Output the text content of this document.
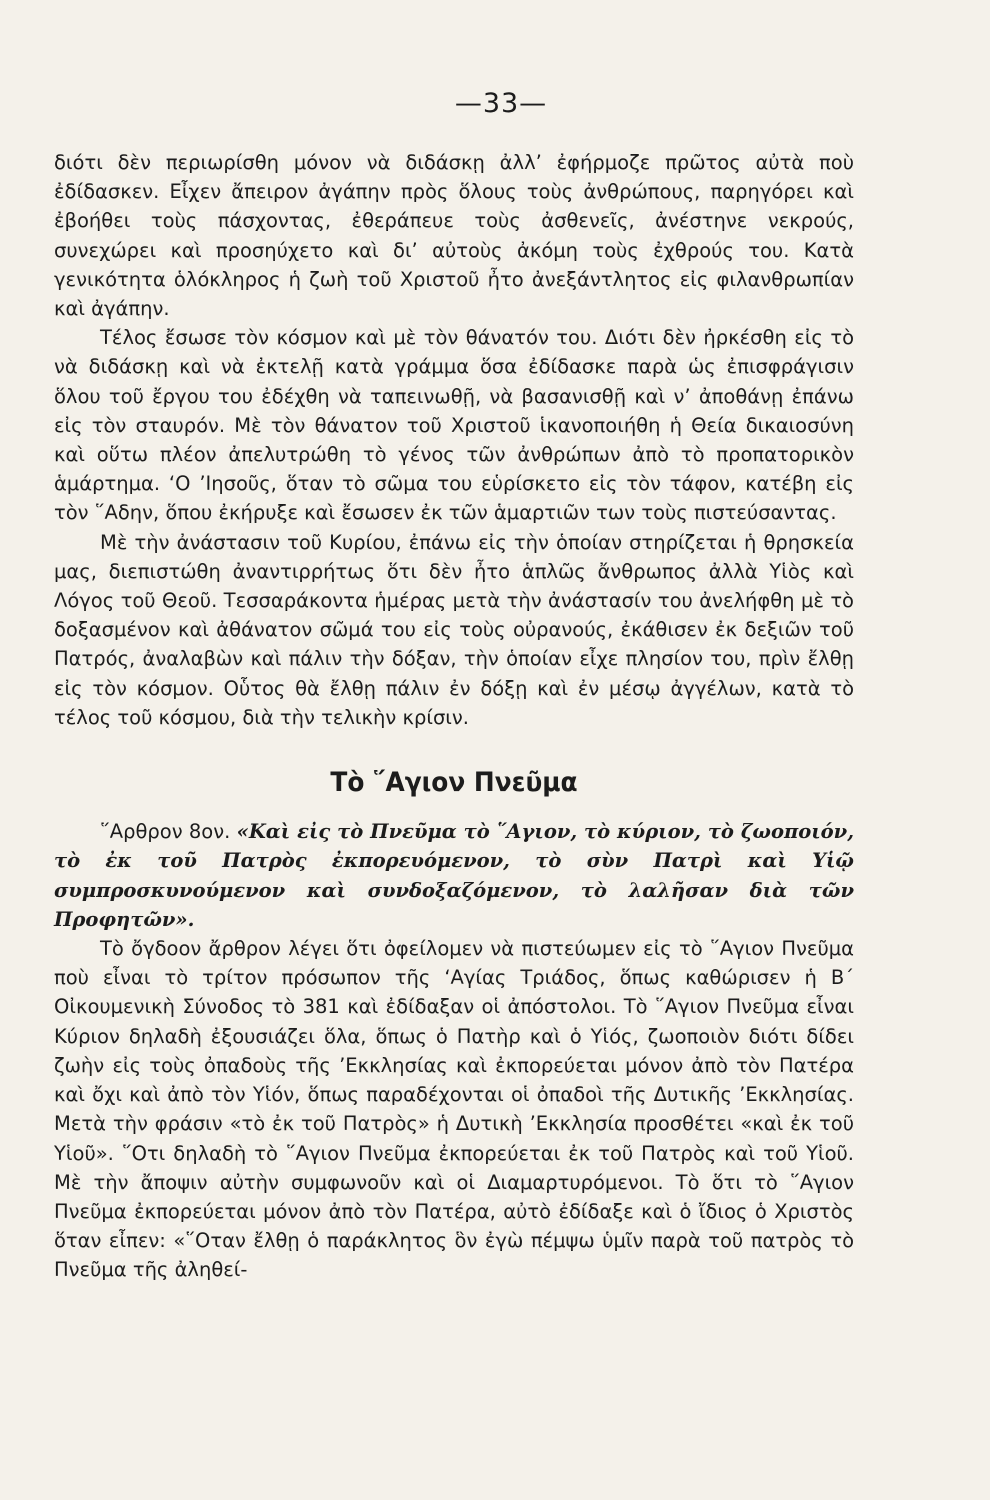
—33—

διότι δὲν περιωρίσθη μόνον νὰ διδάσκῃ ἀλλ’ ἐφήρμοζε πρῶτος αὐτὰ ποὺ ἐδίδασκεν. Εἶχεν ἄπειρον ἀγάπην πρὸς ὅλους τοὺς ἀνθρώπους, παρηγόρει καὶ ἐβοήθει τοὺς πάσχοντας, ἐθεράπευε τοὺς ἀσθενεῖς, ἀνέστηνε νεκρούς, συνεχώρει καὶ προσηύχετο καὶ δι’ αὐτοὺς ἀκόμη τοὺς ἐχθρούς του. Κατὰ γενικότητα ὁλόκληρος ἡ ζωὴ τοῦ Χριστοῦ ἦτο ἀνεξάντλητος εἰς φιλανθρωπίαν καὶ ἀγάπην.

Τέλος ἔσωσε τὸν κόσμον καὶ μὲ τὸν θάνατόν του. Διότι δὲν ἠρκέσθη εἰς τὸ νὰ διδάσκῃ καὶ νὰ ἐκτελῇ κατὰ γράμμα ὅσα ἐδίδασκε παρὰ ὡς ἐπισφράγισιν ὅλου τοῦ ἔργου του ἐδέχθη νὰ ταπεινωθῇ, νὰ βασανισθῇ καὶ ν’ ἀποθάνῃ ἐπάνω εἰς τὸν σταυρόν. Μὲ τὸν θάνατον τοῦ Χριστοῦ ἱκανοποιήθη ἡ Θεία δικαιοσύνη καὶ οὕτω πλέον ἀπελυτρώθη τὸ γένος τῶν ἀνθρώπων ἀπὸ τὸ προπατορικὸν ἁμάρτημα. ‘Ο ’Ιησοῦς, ὅταν τὸ σῶμα του εὑρίσκετο εἰς τὸν τάφον, κατέβη εἰς τὸν ῞Αδην, ὅπου ἐκήρυξε καὶ ἔσωσεν ἐκ τῶν ἁμαρτιῶν των τοὺς πιστεύσαντας.

Μὲ τὴν ἀνάστασιν τοῦ Κυρίου, ἐπάνω εἰς τὴν ὁποίαν στηρίζεται ἡ θρησκεία μας, διεπιστώθη ἀναντιρρήτως ὅτι δὲν ἦτο ἁπλῶς ἄνθρωπος ἀλλὰ Υἱὸς καὶ Λόγος τοῦ Θεοῦ. Τεσσαράκοντα ἡμέρας μετὰ τὴν ἀνάστασίν του ἀνελήφθη μὲ τὸ δοξασμένον καὶ ἀθάνατον σῶμά του εἰς τοὺς οὐρανούς, ἐκάθισεν ἐκ δεξιῶν τοῦ Πατρός, ἀναλαβὼν καὶ πάλιν τὴν δόξαν, τὴν ὁποίαν εἶχε πλησίον του, πρὶν ἔλθῃ εἰς τὸν κόσμον. Οὗτος θὰ ἔλθῃ πάλιν ἐν δόξῃ καὶ ἐν μέσῳ ἀγγέλων, κατὰ τὸ τέλος τοῦ κόσμου, διὰ τὴν τελικὴν κρίσιν.

Τὸ ῞Αγιον Πνεῦμα

῞Αρθρον 8ον. «Καὶ εἰς τὸ Πνεῦμα τὸ ῞Αγιον, τὸ κύριον, τὸ ζωοποιόν, τὸ ἐκ τοῦ Πατρὸς ἐκπορευόμενον, τὸ σὺν Πατρὶ καὶ Υἱῷ συμπροσκυνούμενον καὶ συνδοξαζόμενον, τὸ λαλῆσαν διὰ τῶν Προφητῶν».

Τὸ ὄγδοον ἄρθρον λέγει ὅτι ὀφείλομεν νὰ πιστεύωμεν εἰς τὸ ῞Αγιον Πνεῦμα ποὺ εἶναι τὸ τρίτον πρόσωπον τῆς ‘Αγίας Τριάδος, ὅπως καθώρισεν ἡ Β΄ Οἰκουμενικὴ Σύνοδος τὸ 381 καὶ ἐδίδαξαν οἱ ἀπόστολοι. Τὸ ῞Αγιον Πνεῦμα εἶναι Κύριον δηλαδὴ ἐξουσιάζει ὅλα, ὅπως ὁ Πατὴρ καὶ ὁ Υἱός, ζωοποιὸν διότι δίδει ζωὴν εἰς τοὺς ὀπαδοὺς τῆς ’Εκκλησίας καὶ ἐκπορεύεται μόνον ἀπὸ τὸν Πατέρα καὶ ὄχι καὶ ἀπὸ τὸν Υἱόν, ὅπως παραδέχονται οἱ ὀπαδοὶ τῆς Δυτικῆς ’Εκκλησίας. Μετὰ τὴν φράσιν «τὸ ἐκ τοῦ Πατρὸς» ἡ Δυτικὴ ’Εκκλησία προσθέτει «καὶ ἐκ τοῦ Υἱοῦ». ῞Οτι δηλαδὴ τὸ ῞Αγιον Πνεῦμα ἐκπορεύεται ἐκ τοῦ Πατρὸς καὶ τοῦ Υἱοῦ. Μὲ τὴν ἄποψιν αὐτὴν συμφωνοῦν καὶ οἱ Διαμαρτυρόμενοι. Τὸ ὅτι τὸ ῞Αγιον Πνεῦμα ἐκπορεύεται μόνον ἀπὸ τὸν Πατέρα, αὐτὸ ἐδίδαξε καὶ ὁ ἴδιος ὁ Χριστὸς ὅταν εἶπεν: «῞Οταν ἔλθῃ ὁ παράκλητος ὃν ἐγὼ πέμψω ὑμῖν παρὰ τοῦ πατρὸς τὸ Πνεῦμα τῆς ἀληθεί-
